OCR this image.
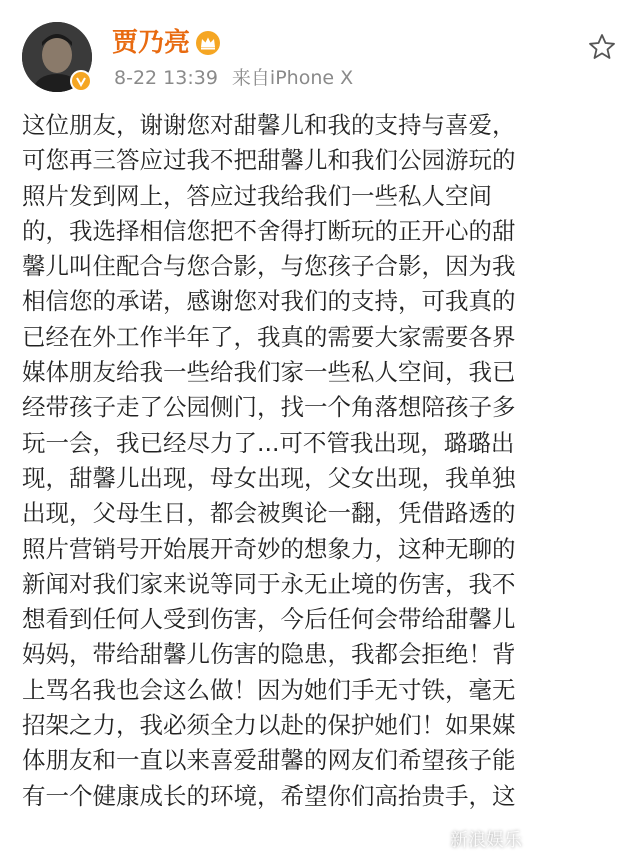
贾乃亮
8-22 13:39 来自iPhone X
这位朋友，谢谢您对甜馨儿和我的支持与喜爱，
可您再三答应过我不把甜馨儿和我们公园游玩的
照片发到网上，答应过我给我们一些私人空间
的，我选择相信您把不舍得打断玩的正开心的甜
馨儿叫住配合与您合影，与您孩子合影，因为我
相信您的承诺，感谢您对我们的支持，可我真的
已经在外工作半年了，我真的需要大家需要各界
媒体朋友给我一些给我们家一些私人空间，我已
经带孩子走了公园侧门，找一个角落想陪孩子多
玩一会，我已经尽力了...可不管我出现，璐璐出
现，甜馨儿出现，母女出现，父女出现，我单独
出现，父母生日，都会被舆论一翻，凭借路透的
照片营销号开始展开奇妙的想象力，这种无聊的
新闻对我们家来说等同于永无止境的伤害，我不
想看到任何人受到伤害，今后任何会带给甜馨儿
妈妈，带给甜馨儿伤害的隐患，我都会拒绝！背
上骂名我也会这么做！因为她们手无寸铁，毫无
招架之力，我必须全力以赴的保护她们！如果媒
体朋友和一直以来喜爱甜馨的网友们希望孩子能
有一个健康成长的环境，希望你们高抬贵手，这
新浪娱乐
